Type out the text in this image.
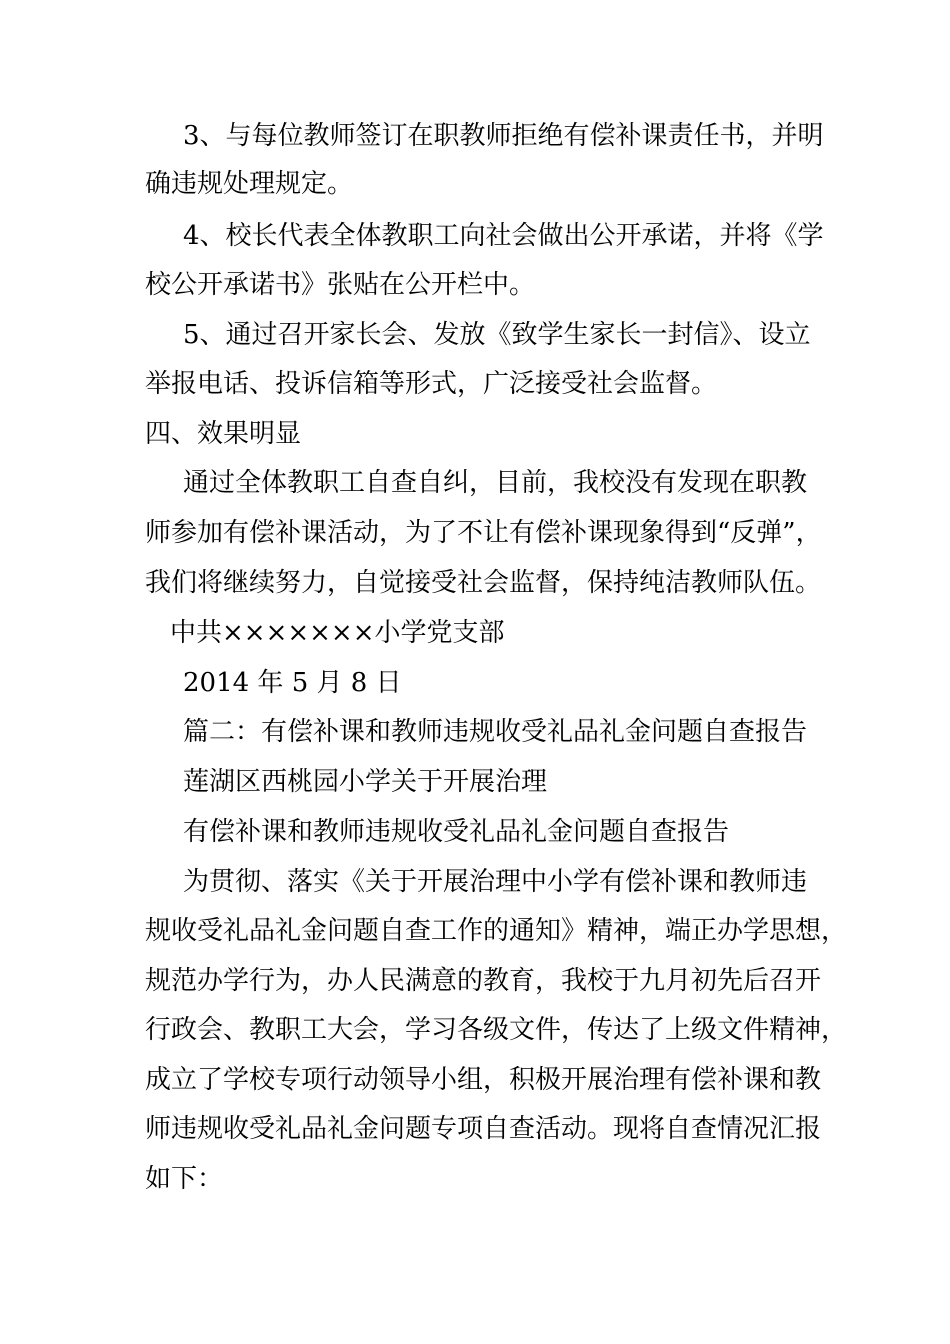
3、与每位教师签订在职教师拒绝有偿补课责任书，并明
确违规处理规定。
4、校长代表全体教职工向社会做出公开承诺，并将《学
校公开承诺书》张贴在公开栏中。
5、通过召开家长会、发放《致学生家长一封信》、设立
举报电话、投诉信箱等形式，广泛接受社会监督。
四、效果明显
通过全体教职工自查自纠，目前，我校没有发现在职教
师参加有偿补课活动，为了不让有偿补课现象得到“反弹”，
我们将继续努力，自觉接受社会监督，保持纯洁教师队伍。
中共×××××××小学党支部
2014 年 5 月 8 日
篇二：有偿补课和教师违规收受礼品礼金问题自查报告
莲湖区西桃园小学关于开展治理
有偿补课和教师违规收受礼品礼金问题自查报告
为贯彻、落实《关于开展治理中小学有偿补课和教师违
规收受礼品礼金问题自查工作的通知》精神，端正办学思想，
规范办学行为，办人民满意的教育，我校于九月初先后召开
行政会、教职工大会，学习各级文件，传达了上级文件精神，
成立了学校专项行动领导小组，积极开展治理有偿补课和教
师违规收受礼品礼金问题专项自查活动。现将自查情况汇报
如下：
